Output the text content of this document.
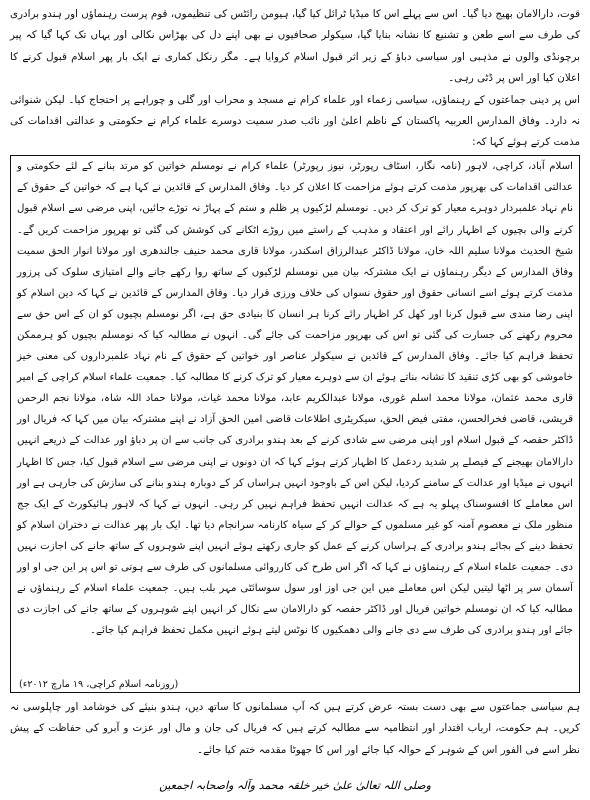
قوت، دارالامان بھیج دیا گیا۔ اس سے پہلے اس کا میڈیا ٹرائل کیا گیا، ہیومن رائٹس کی تنظیموں، قوم پرست رہنماؤں اور ہندو برادری کی طرف سے اسے طعن و تشنیع کا نشانہ بنایا گیا، سیکولر صحافیوں نے بھی اپنے دل کی بھڑاس نکالی اور یہاں تک کہا گیا کہ پیر برچونڈی والوں نے مذہبی اور سیاسی دباؤ کے زیر اثر قبول اسلام کروایا ہے۔ مگر رنکل کماری نے ایک بار پھر اسلام قبول کرنے کا اعلان کیا اور اس پر ڈٹی رہی۔

اس پر دینی جماعتوں کے رہنماؤں، سیاسی زعماء اور علماء کرام نے مسجد و محراب اور گلی و چوراہے پر احتجاج کیا۔ لیکن شنوائی نہ دارد۔ وفاق المدارس العربیہ پاکستان کے ناظم اعلیٰ اور نائب صدر سمیت دوسرے علماء کرام نے حکومتی و عدالتی اقدامات کی مذمت کرتے ہوئے کہا کہ:

اسلام آباد، کراچی، لاہور (نامہ نگار، اسٹاف رپورٹر، نیوز رپورٹر) علماء کرام نے نومسلم خواتین کو مرتد بنانے کے لئے حکومتی و عدالتی اقدامات کی بھرپور مذمت کرتے ہوئے مزاحمت کا اعلان کر دیا۔ وفاق المدارس کے قائدین نے کہا ہے کہ خواتین کے حقوق کے نام نہاد علمبردار دوہرے معیار کو ترک کر دیں۔ نومسلم لڑکیوں پر ظلم و ستم کے پہاڑ نہ توڑے جائیں، اپنی مرضی سے اسلام قبول کرنے والی بچیوں کے اظہار رائے اور اعتقاد و مذہب کے راستے میں روڑے اٹکانے کی کوشش کی گئی تو بھرپور مزاحمت کریں گے۔ شیخ الحدیث مولانا سلیم اللہ خان، مولانا ڈاکٹر عبدالرزاق اسکندر، مولانا قاری محمد حنیف جالندھری اور مولانا انوار الحق سمیت وفاق المدارس کے دیگر رہنماؤں نے ایک مشترکہ بیان میں نومسلم لڑکیوں کے ساتھ روا رکھے جانے والے امتیازی سلوک کی پرزور مذمت کرتے ہوئے اسے انسانی حقوق اور حقوق نسواں کی خلاف ورزی قرار دیا۔ وفاق المدارس کے قائدین نے کہا کہ دین اسلام کو اپنی رضا مندی سے قبول کرنا اور کھل کر اظہار رائے کرنا ہر انسان کا بنیادی حق ہے، اگر نومسلم بچیوں کو ان کے اس حق سے محروم رکھنے کی جسارت کی گئی تو اس کی بھرپور مزاحمت کی جائے گی۔ انہوں نے مطالبہ کیا کہ نومسلم بچیوں کو ہرممکن تحفظ فراہم کیا جائے۔ وفاق المدارس کے قائدین نے سیکولر عناصر اور خواتین کے حقوق کے نام نہاد علمبرداروں کی معنی خیز خاموشی کو بھی کڑی تنقید کا نشانہ بناتے ہوئے ان سے دوہرے معیار کو ترک کرنے کا مطالبہ کیا۔ جمعیت علماء اسلام کراچی کے امیر قاری محمد عثمان، مولانا محمد اسلم غوری، مولانا عبدالکریم عابد، مولانا محمد غیاث، مولانا حماد اللہ شاہ، مولانا نجم الرحمن قریشی، قاضی فخرالحسن، مفتی فیض الحق، سیکریٹری اطلاعات قاضی امین الحق آزاد نے اپنے مشترکہ بیان میں کہا کہ فریال اور ڈاکٹر حفصہ کے قبول اسلام اور اپنی مرضی سے شادی کرنے کے بعد ہندو برادری کی جانب سے ان پر دباؤ اور عدالت کے ذریعے انہیں دارالامان بھیجنے کے فیصلے پر شدید ردعمل کا اظہار کرتے ہوئے کہا کہ ان دونوں نے اپنی مرضی سے اسلام قبول کیا، جس کا اظہار انہوں نے میڈیا اور عدالت کے سامنے کردیا، لیکن اس کے باوجود انہیں ہراساں کر کے دوبارہ ہندو بنانے کی سازش کی جارہی ہے اور اس معاملے کا افسوسناک پہلو یہ ہے کہ عدالت انہیں تحفظ فراہم نہیں کر رہی۔ انہوں نے کہا کہ لاہور ہائیکورٹ کے ایک جج منظور ملک نے معصوم آمنہ کو غیر مسلموں کے حوالے کر کے سیاہ کارنامہ سرانجام دیا تھا۔ ایک بار پھر عدالت نے دختران اسلام کو تحفظ دینے کے بجائے ہندو برادری کے ہراساں کرنے کے عمل کو جاری رکھتے ہوئے انہیں اپنے شوہروں کے ساتھ جانے کی اجازت نہیں دی۔ جمعیت علماء اسلام کے رہنماؤں نے کہا کہ اگر اس طرح کی کارروائی مسلمانوں کی طرف سے ہوتی تو اس پر این جی او اور آسمان سر پر اٹھا لیتیں لیکن اس معاملے میں این جی اوز اور سول سوسائٹی مہر بلب ہیں۔ جمعیت علماء اسلام کے رہنماؤں نے مطالبہ کیا کہ ان نومسلم خواتین فریال اور ڈاکٹر حفصہ کو دارالامان سے نکال کر انہیں اپنے شوہروں کے ساتھ جانے کی اجازت دی جائے اور ہندو برادری کی طرف سے دی جانے والی دھمکیوں کا نوٹس لیتے ہوئے انہیں مکمل تحفظ فراہم کیا جائے۔

(روزنامہ اسلام کراچی، ۱۹ مارچ ۲۰۱۲ء)

ہم سیاسی جماعتوں سے بھی دست بستہ عرض کرتے ہیں کہ آپ مسلمانوں کا ساتھ دیں، ہندو بنیئے کی خوشامد اور چاپلوسی نہ کریں۔ ہم حکومت، ارباب اقتدار اور انتظامیہ سے مطالبہ کرتے ہیں کہ فریال کی جان و مال اور عزت و آبرو کی حفاظت کے پیش نظر اسے فی الفور اس کے شوہر کے حوالہ کیا جائے اور اس کا جھوٹا مقدمہ ختم کیا جائے۔

وصلی اللہ تعالیٰ علیٰ خیر خلقہ محمد وآلہ واصحابہ اجمعین
